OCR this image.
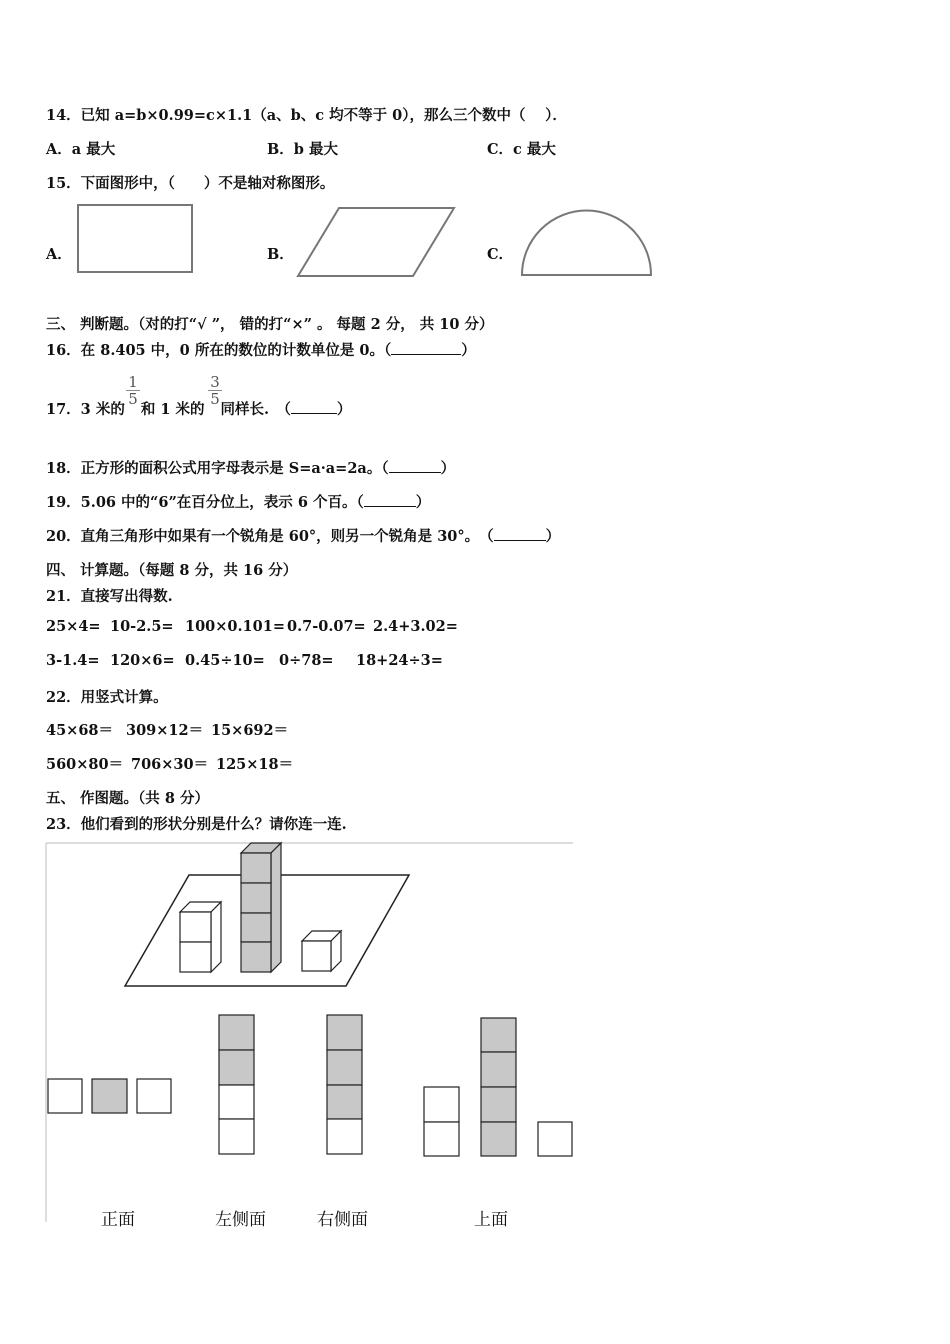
14．已知 a=b×0.99=c×1.1（a、b、c 均不等于 0），那么三个数中（　 ）．
A．a 最大	B．b 最大	C．c 最大
15．下面图形中，（　　）不是轴对称图形。
A．	B．	C．
三、 判断题。（对的打“√ ”， 错的打“×” 。 每题 2 分， 共 10 分）
16．在 8.405 中，0 所在的数位的计数单位是 0。（	）
17．3 米的 和 1 米的 同样长.　（	）
$\frac{1}{5}$	$\frac{3}{5}$
18．正方形的面积公式用字母表示是 S=a·a=2a。（	）
19．5.06 中的“6”在百分位上，表示 6 个百。（	）
20．直角三角形中如果有一个锐角是 60°，则另一个锐角是 30°。　（	）
四、 计算题。（每题 8 分，共 16 分）
21．直接写出得数.
25×4= 10-2.5= 100×0.101= 0.7-0.07= 2.4+3.02=
3-1.4= 120×6= 0.45÷10= 0÷78= 18+24÷3=
22．用竖式计算。
45×68＝ 309×12＝ 15×692＝
560×80＝ 706×30＝ 125×18＝
五、 作图题。（共 8 分）
23．他们看到的形状分别是什么？请你连一连.
正面	左侧面	右侧面	上面
